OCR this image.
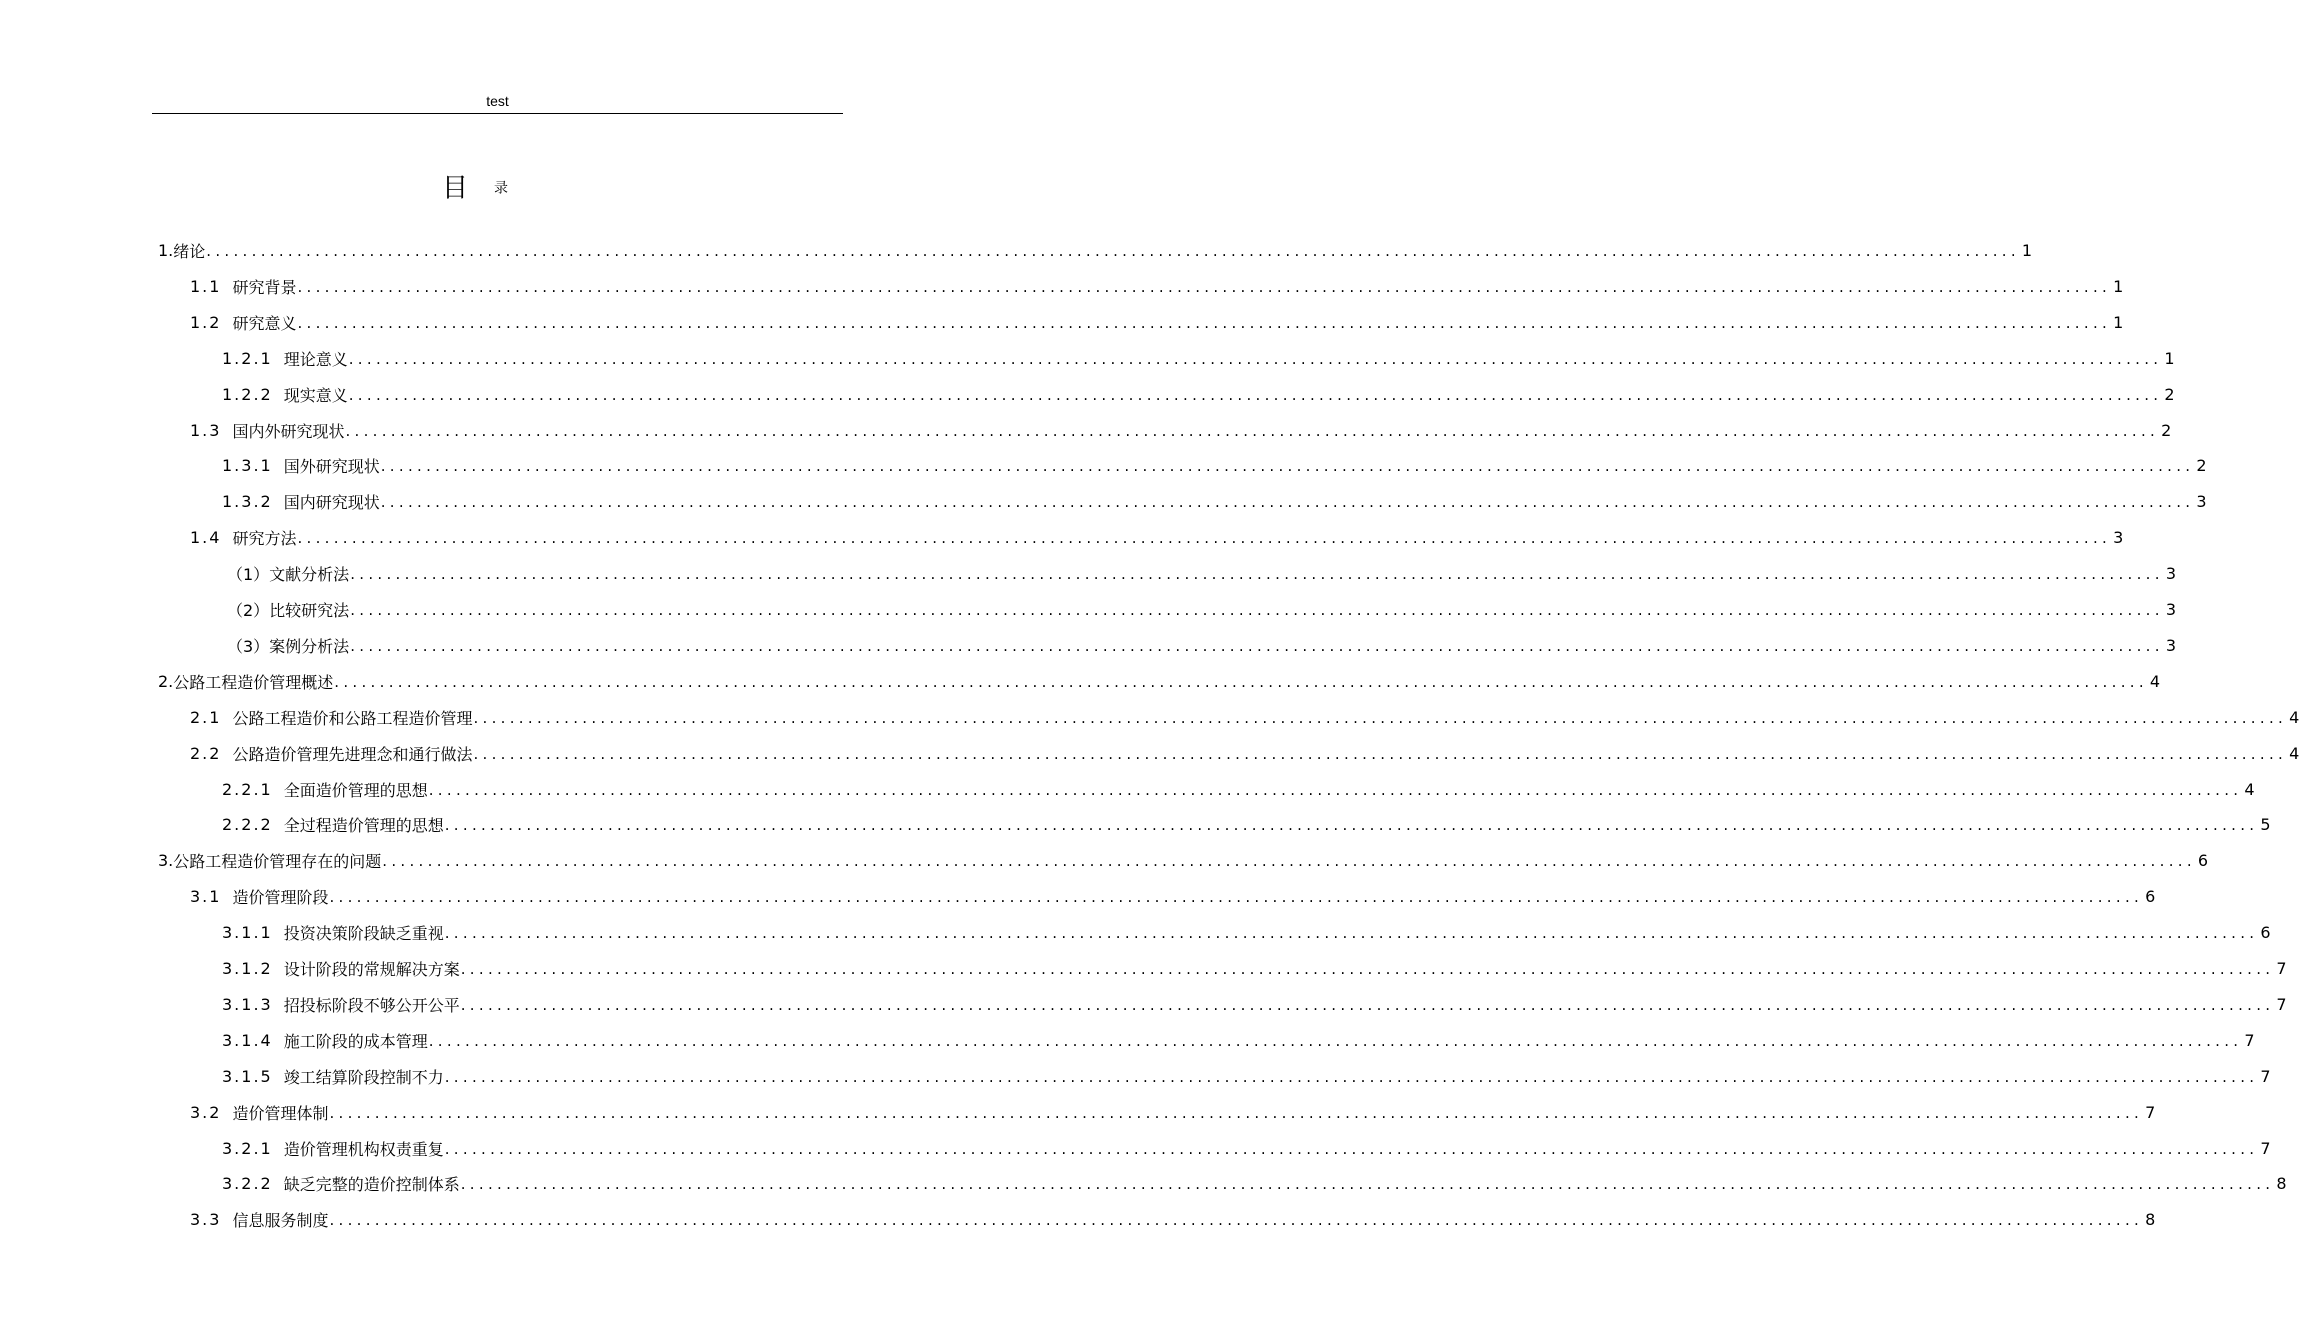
test
目 录
1. 绪论 ........................................................................................................................................................................................................ 1
1.1 研究背景 ........................................................................................................................................................................................................ 1
1.2 研究意义 ........................................................................................................................................................................................................ 1
1.2.1 理论意义 ........................................................................................................................................................................................................ 1
1.2.2 现实意义 ........................................................................................................................................................................................................ 2
1.3 国内外研究现状 ........................................................................................................................................................................................................ 2
1.3.1 国外研究现状 ........................................................................................................................................................................................................ 2
1.3.2 国内研究现状 ........................................................................................................................................................................................................ 3
1.4 研究方法 ........................................................................................................................................................................................................ 3
（1）文献分析法 ........................................................................................................................................................................................................ 3
（2）比较研究法 ........................................................................................................................................................................................................ 3
（3）案例分析法 ........................................................................................................................................................................................................ 3
2. 公路工程造价管理概述 ........................................................................................................................................................................................................ 4
2.1 公路工程造价和公路工程造价管理 ........................................................................................................................................................................................................ 4
2.2 公路造价管理先进理念和通行做法 ........................................................................................................................................................................................................ 4
2.2.1 全面造价管理的思想 ........................................................................................................................................................................................................ 4
2.2.2 全过程造价管理的思想 ........................................................................................................................................................................................................ 5
3. 公路工程造价管理存在的问题 ........................................................................................................................................................................................................ 6
3.1 造价管理阶段 ........................................................................................................................................................................................................ 6
3.1.1 投资决策阶段缺乏重视 ........................................................................................................................................................................................................ 6
3.1.2 设计阶段的常规解决方案 ........................................................................................................................................................................................................ 7
3.1.3 招投标阶段不够公开公平 ........................................................................................................................................................................................................ 7
3.1.4 施工阶段的成本管理 ........................................................................................................................................................................................................ 7
3.1.5 竣工结算阶段控制不力 ........................................................................................................................................................................................................ 7
3.2 造价管理体制 ........................................................................................................................................................................................................ 7
3.2.1 造价管理机构权责重复 ........................................................................................................................................................................................................ 7
3.2.2 缺乏完整的造价控制体系 ........................................................................................................................................................................................................ 8
3.3 信息服务制度 ........................................................................................................................................................................................................ 8
